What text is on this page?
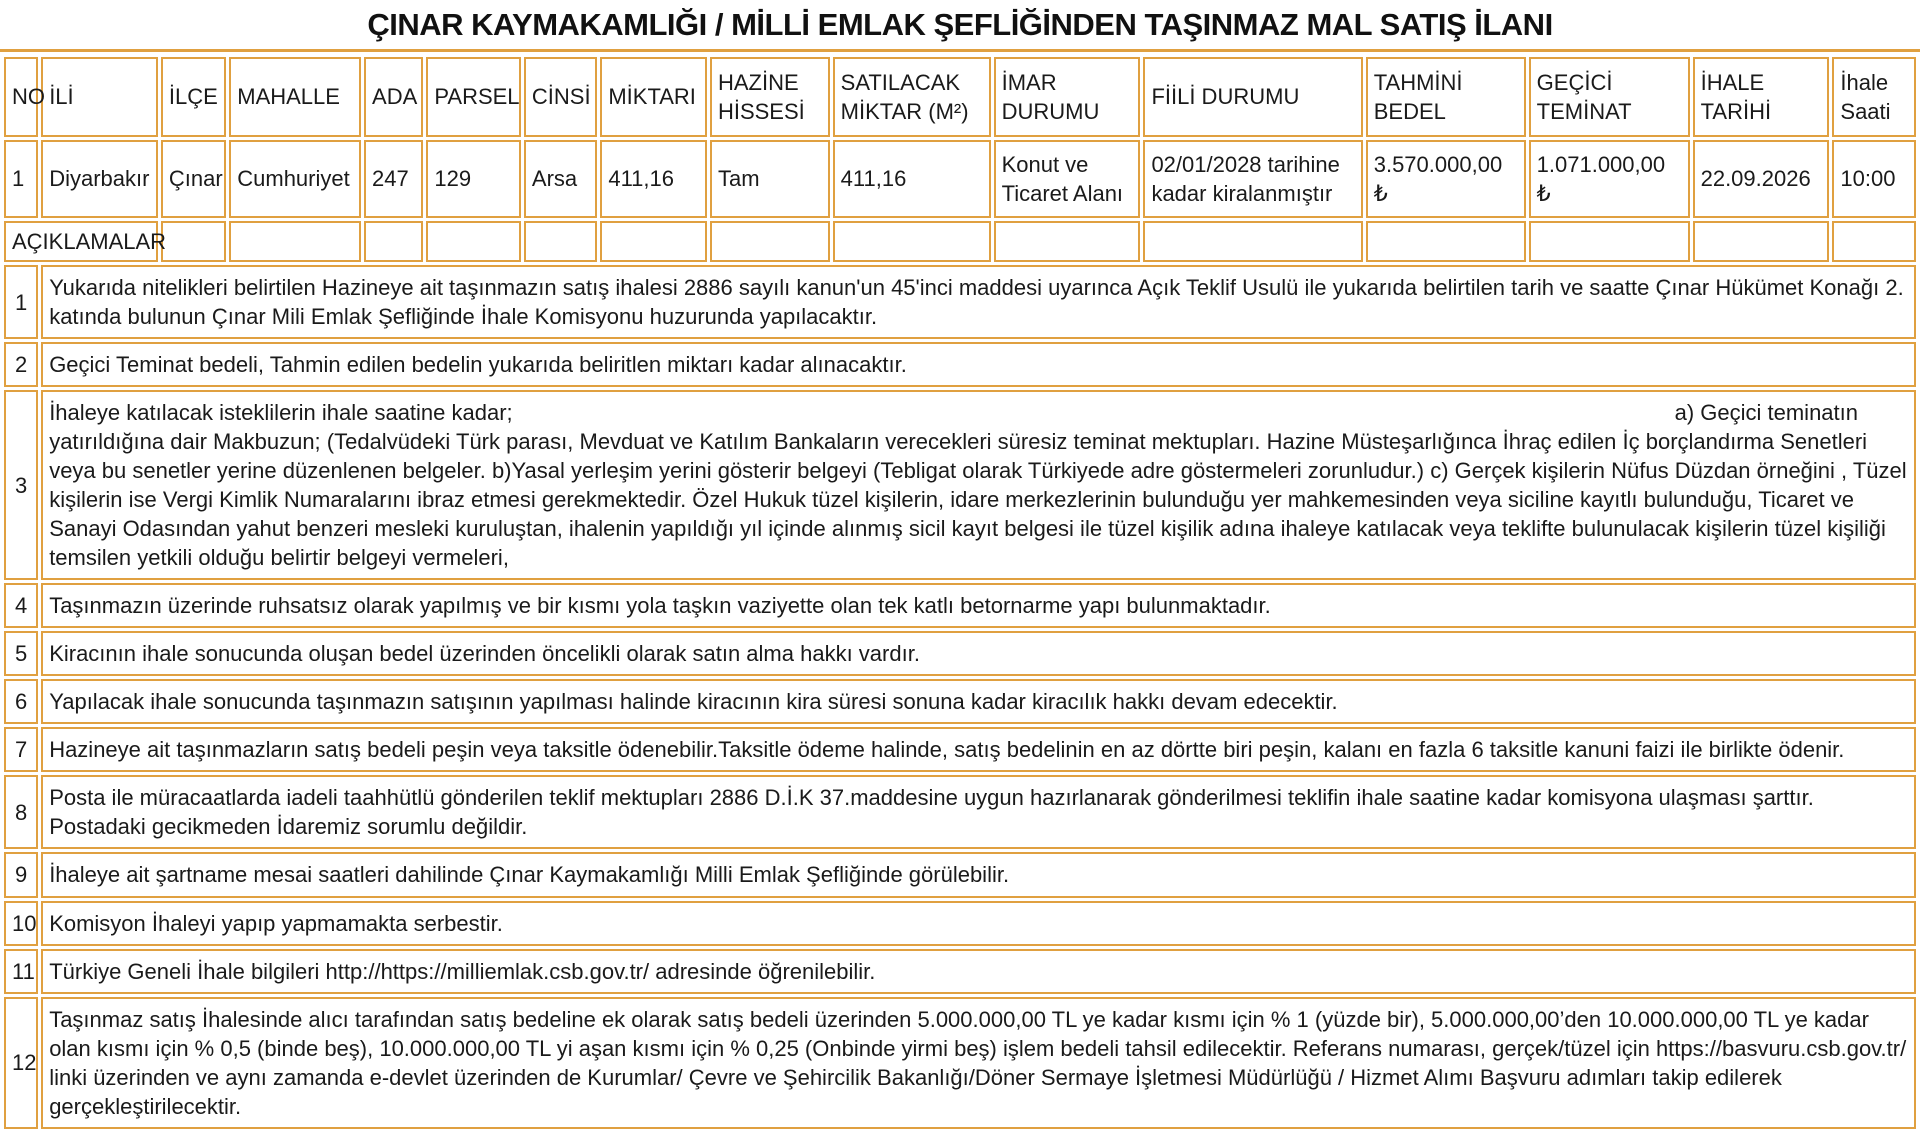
ÇINAR KAYMAKAMLIĞI / MİLLİ EMLAK ŞEFLİĞİNDEN TAŞINMAZ MAL SATIŞ İLANI
NO	İLİ	İLÇE	MAHALLE	ADA	PARSEL	CİNSİ	MİKTARI	HAZİNE HİSSESİ	SATILACAK MİKTAR (M²)	İMAR DURUMU	FİİLİ DURUMU	TAHMİNİ BEDEL	GEÇİCİ TEMİNAT	İHALE TARİHİ	İhale Saati
1	Diyarbakır	Çınar	Cumhuriyet	247	129	Arsa	411,16	Tam	411,16	Konut ve Ticaret Alanı	02/01/2028 tarihine kadar kiralanmıştır	3.570.000,00 ₺	1.071.000,00 ₺	22.09.2026	10:00
AÇIKLAMALAR															
1	Yukarıda nitelikleri belirtilen Hazineye ait taşınmazın satış ihalesi 2886 sayılı kanun'un 45'inci maddesi uyarınca Açık Teklif Usulü ile yukarıda belirtilen tarih ve saatte Çınar Hükümet Konağı 2. katında bulunun Çınar Mili Emlak Şefliğinde İhale Komisyonu huzurunda yapılacaktır.														
2	Geçici Teminat bedeli, Tahmin edilen bedelin yukarıda beliritlen miktarı kadar alınacaktır.														
3	a) Geçici teminatın
İhaleye katılacak isteklilerin ihale saatine kadar;
yatırıldığına dair Makbuzun; (Tedalvüdeki Türk parası, Mevduat ve Katılım Bankaların verecekleri süresiz teminat mektupları. Hazine Müsteşarlığınca İhraç edilen İç borçlandırma Senetleri veya bu senetler yerine düzenlenen belgeler. b)Yasal yerleşim yerini gösterir belgeyi (Tebligat olarak Türkiyede adre göstermeleri zorunludur.) c) Gerçek kişilerin Nüfus Düzdan örneğini , Tüzel kişilerin ise Vergi Kimlik Numaralarını ibraz etmesi gerekmektedir. Özel Hukuk tüzel kişilerin, idare merkezlerinin bulunduğu yer mahkemesinden veya siciline kayıtlı bulunduğu, Ticaret ve Sanayi Odasından yahut benzeri mesleki kuruluştan, ihalenin yapıldığı yıl içinde alınmış sicil kayıt belgesi ile tüzel kişilik adına ihaleye katılacak veya teklifte bulunulacak kişilerin tüzel kişiliği temsilen yetkili olduğu belirtir belgeyi vermeleri,														

4	Taşınmazın üzerinde ruhsatsız olarak yapılmış ve bir kısmı yola taşkın vaziyette olan tek katlı betornarme yapı bulunmaktadır.														
5	Kiracının ihale sonucunda oluşan bedel üzerinden öncelikli olarak satın alma hakkı vardır.														
6	Yapılacak ihale sonucunda taşınmazın satışının yapılması halinde kiracının kira süresi sonuna kadar kiracılık hakkı devam edecektir.														
7	Hazineye ait taşınmazların satış bedeli peşin veya taksitle ödenebilir.Taksitle ödeme halinde, satış bedelinin en az dörtte biri peşin, kalanı en fazla 6 taksitle kanuni faizi ile birlikte ödenir.														
8	Posta ile müracaatlarda iadeli taahhütlü gönderilen teklif mektupları 2886 D.İ.K 37.maddesine uygun hazırlanarak gönderilmesi teklifin ihale saatine kadar komisyona ulaşması şarttır. Postadaki gecikmeden İdaremiz sorumlu değildir.														
9	İhaleye ait şartname mesai saatleri dahilinde Çınar Kaymakamlığı Milli Emlak Şefliğinde görülebilir.														
10	Komisyon İhaleyi yapıp yapmamakta serbestir.														
11	Türkiye Geneli İhale bilgileri http://https://milliemlak.csb.gov.tr/ adresinde öğrenilebilir.														
12	Taşınmaz satış İhalesinde alıcı tarafından satış bedeline ek olarak satış bedeli üzerinden 5.000.000,00 TL ye kadar kısmı için % 1 (yüzde bir), 5.000.000,00’den 10.000.000,00 TL ye kadar olan kısmı için % 0,5 (binde beş), 10.000.000,00 TL yi aşan kısmı için % 0,25 (Onbinde yirmi beş) işlem bedeli tahsil edilecektir. Referans numarası, gerçek/tüzel için https://basvuru.csb.gov.tr/ linki üzerinden ve aynı zamanda e-devlet üzerinden de Kurumlar/ Çevre ve Şehircilik Bakanlığı/Döner Sermaye İşletmesi Müdürlüğü / Hizmet Alımı Başvuru adımları takip edilerek gerçekleştirilecektir.														
